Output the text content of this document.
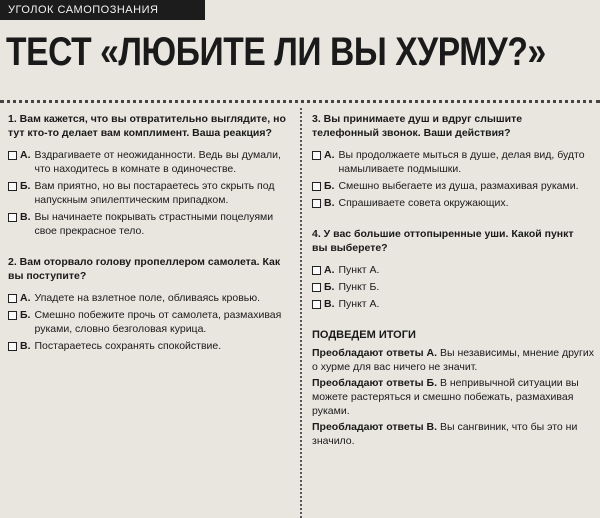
УГОЛОК САМОПОЗНАНИЯ
ТЕСТ «ЛЮБИТЕ ЛИ ВЫ ХУРМУ?»

1. Вам кажется, что вы отвратительно выглядите, но тут кто-то делает вам комплимент. Ваша реакция?

А. Вздрагиваете от неожиданности. Ведь вы думали, что находитесь в комнате в одиночестве.
Б. Вам приятно, но вы постараетесь это скрыть под напускным эпилептическим припадком.
В. Вы начинаете покрывать страстными поцелуями свое прекрасное тело.

2. Вам оторвало голову пропеллером самолета. Как вы поступите?

А. Упадете на взлетное поле, обливаясь кровью.
Б. Смешно побежите прочь от самолета, размахивая руками, словно безголовая курица.
В. Постараетесь сохранять спокойствие.

3. Вы принимаете душ и вдруг слышите телефонный звонок. Ваши действия?

А. Вы продолжаете мыться в душе, делая вид, будто намыливаете подмышки.
Б. Смешно выбегаете из душа, размахивая руками.
В. Спрашиваете совета окружающих.

4. У вас большие оттопыренные уши. Какой пункт вы выберете?

А. Пункт А.
Б. Пункт Б.
В. Пункт А.

ПОДВЕДЕМ ИТОГИ

Преобладают ответы А. Вы независимы, мнение других о хурме для вас ничего не значит.

Преобладают ответы Б. В непривычной ситуации вы можете растеряться и смешно побежать, размахивая руками.

Преобладают ответы В. Вы сангвиник, что бы это ни значило.
